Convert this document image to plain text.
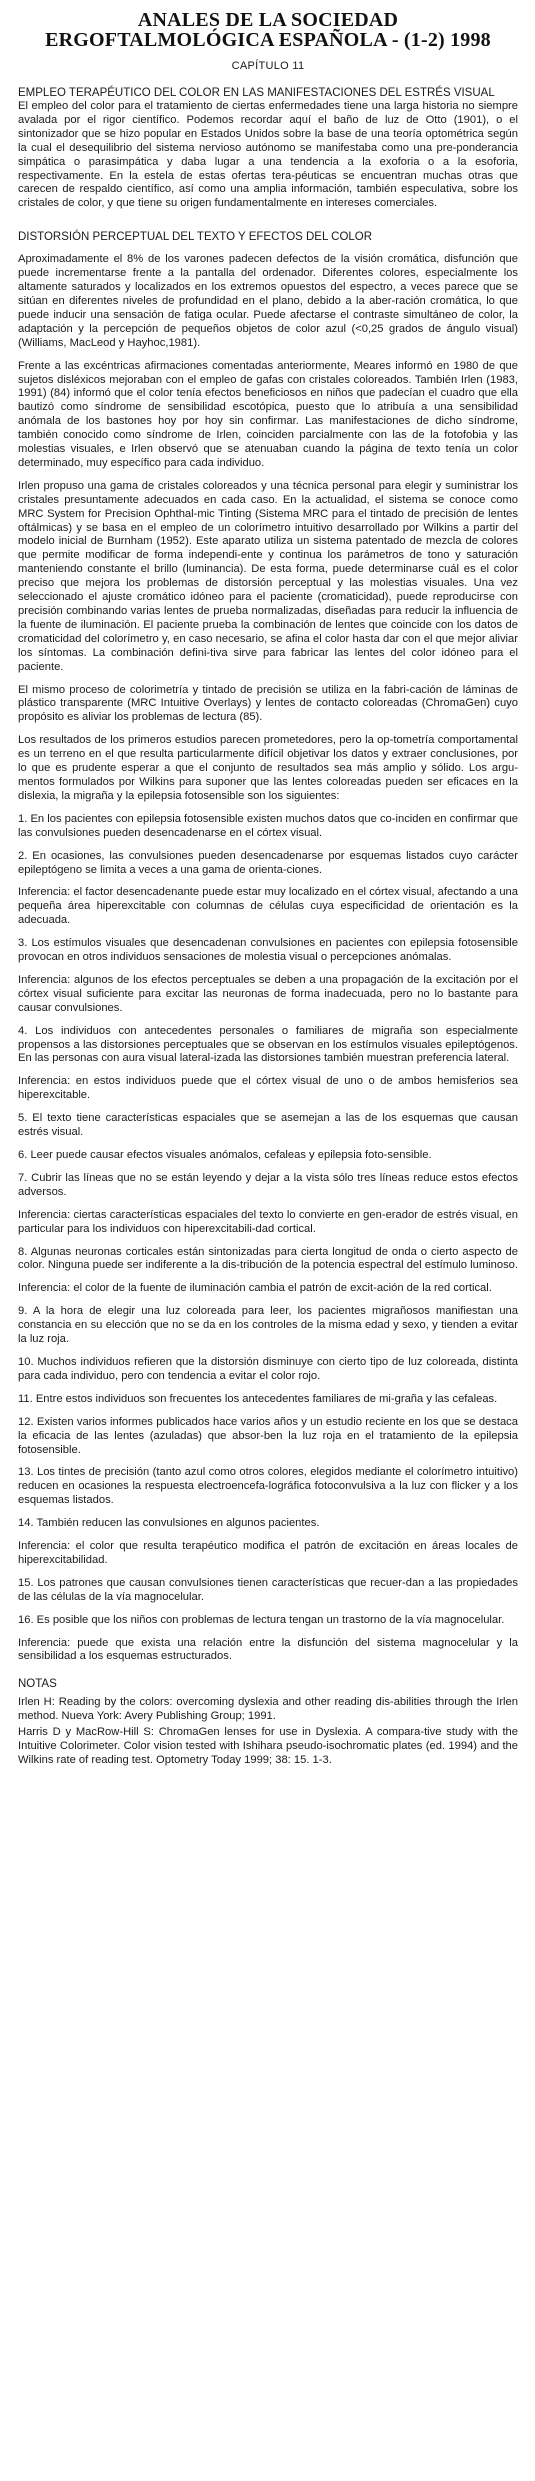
ANALES DE LA SOCIEDAD
ERGOFTALMOLÓGICA ESPAÑOLA - (1-2) 1998
CAPÍTULO 11
EMPLEO TERAPÉUTICO DEL COLOR EN LAS MANIFESTACIONES DEL ESTRÉS VISUAL

El empleo del color para el tratamiento de ciertas enfermedades tiene una larga historia no siempre avalada por el rigor científico. Podemos recordar aquí el baño de luz de Otto (1901), o el sintonizador que se hizo popular en Estados Unidos sobre la base de una teoría optométrica según la cual el desequilibrio del sistema nervioso autónomo se manifestaba como una pre-ponderancia simpática o parasimpática y daba lugar a una tendencia a la exoforia o a la esoforia, respectivamente. En la estela de estas ofertas tera-péuticas se encuentran muchas otras que carecen de respaldo científico, así como una amplia información, también especulativa, sobre los cristales de color, y que tiene su origen fundamentalmente en intereses comerciales.

DISTORSIÓN PERCEPTUAL DEL TEXTO Y EFECTOS DEL COLOR

Aproximadamente el 8% de los varones padecen defectos de la visión cromática, disfunción que puede incrementarse frente a la pantalla del ordenador. Diferentes colores, especialmente los altamente saturados y localizados en los extremos opuestos del espectro, a veces parece que se sitúan en diferentes niveles de profundidad en el plano, debido a la aber-ración cromática, lo que puede inducir una sensación de fatiga ocular. Puede afectarse el contraste simultáneo de color, la adaptación y la percepción de pequeños objetos de color azul (<0,25 grados de ángulo visual) (Williams, MacLeod y Hayhoc,1981).

Frente a las excéntricas afirmaciones comentadas anteriormente, Meares informó en 1980 de que sujetos disléxicos mejoraban con el empleo de gafas con cristales coloreados. También Irlen (1983, 1991) (84) informó que el color tenía efectos beneficiosos en niños que padecían el cuadro que ella bautizó como síndrome de sensibilidad escotópica, puesto que lo atribuía a una sensibilidad anómala de los bastones hoy por hoy sin confirmar. Las manifestaciones de dicho síndrome, también conocido como síndrome de Irlen, coinciden parcialmente con las de la fotofobia y las molestias visuales, e Irlen observó que se atenuaban cuando la página de texto tenía un color determinado, muy específico para cada individuo.

Irlen propuso una gama de cristales coloreados y una técnica personal para elegir y suministrar los cristales presuntamente adecuados en cada caso. En la actualidad, el sistema se conoce como MRC System for Precision Ophthal-mic Tinting (Sistema MRC para el tintado de precisión de lentes oftálmicas) y se basa en el empleo de un colorímetro intuitivo desarrollado por Wilkins a partir del modelo inicial de Burnham (1952). Este aparato utiliza un sistema patentado de mezcla de colores que permite modificar de forma independi-ente y continua los parámetros de tono y saturación manteniendo constante el brillo (luminancia). De esta forma, puede determinarse cuál es el color preciso que mejora los problemas de distorsión perceptual y las molestias visuales. Una vez seleccionado el ajuste cromático idóneo para el paciente (cromaticidad), puede reproducirse con precisión combinando varias lentes de prueba normalizadas, diseñadas para reducir la influencia de la fuente de iluminación. El paciente prueba la combinación de lentes que coincide con los datos de cromaticidad del colorímetro y, en caso necesario, se afina el color hasta dar con el que mejor aliviar los síntomas. La combinación defini-tiva sirve para fabricar las lentes del color idóneo para el paciente.

El mismo proceso de colorimetría y tintado de precisión se utiliza en la fabri-cación de láminas de plástico transparente (MRC Intuitive Overlays) y lentes de contacto coloreadas (ChromaGen) cuyo propósito es aliviar los problemas de lectura (85).

Los resultados de los primeros estudios parecen prometedores, pero la op-tometría comportamental es un terreno en el que resulta particularmente difícil objetivar los datos y extraer conclusiones, por lo que es prudente esperar a que el conjunto de resultados sea más amplio y sólido. Los argu-mentos formulados por Wilkins para suponer que las lentes coloreadas pueden ser eficaces en la dislexia, la migraña y la epilepsia fotosensible son los siguientes:

1. En los pacientes con epilepsia fotosensible existen muchos datos que co-inciden en confirmar que las convulsiones pueden desencadenarse en el córtex visual.

2. En ocasiones, las convulsiones pueden desencadenarse por esquemas listados cuyo carácter epileptógeno se limita a veces a una gama de orienta-ciones.

Inferencia: el factor desencadenante puede estar muy localizado en el córtex visual, afectando a una pequeña área hiperexcitable con columnas de células cuya especificidad de orientación es la adecuada.

3. Los estímulos visuales que desencadenan convulsiones en pacientes con epilepsia fotosensible provocan en otros individuos sensaciones de molestia visual o percepciones anómalas.

Inferencia: algunos de los efectos perceptuales se deben a una propagación de la excitación por el córtex visual suficiente para excitar las neuronas de forma inadecuada, pero no lo bastante para causar convulsiones.

4. Los individuos con antecedentes personales o familiares de migraña son especialmente propensos a las distorsiones perceptuales que se observan en los estímulos visuales epileptógenos. En las personas con aura visual lateral-izada las distorsiones también muestran preferencia lateral.

Inferencia: en estos individuos puede que el córtex visual de uno o de ambos hemisferios sea hiperexcitable.

5. El texto tiene características espaciales que se asemejan a las de los esquemas que causan estrés visual.

6. Leer puede causar efectos visuales anómalos, cefaleas y epilepsia foto-sensible.

7. Cubrir las líneas que no se están leyendo y dejar a la vista sólo tres líneas reduce estos efectos adversos.

Inferencia: ciertas características espaciales del texto lo convierte en gen-erador de estrés visual, en particular para los individuos con hiperexcitabili-dad cortical.

8. Algunas neuronas corticales están sintonizadas para cierta longitud de onda o cierto aspecto de color. Ninguna puede ser indiferente a la dis-tribución de la potencia espectral del estímulo luminoso.

Inferencia: el color de la fuente de iluminación cambia el patrón de excit-ación de la red cortical.

9. A la hora de elegir una luz coloreada para leer, los pacientes migrañosos manifiestan una constancia en su elección que no se da en los controles de la misma edad y sexo, y tienden a evitar la luz roja.

10. Muchos individuos refieren que la distorsión disminuye con cierto tipo de luz coloreada, distinta para cada individuo, pero con tendencia a evitar el color rojo.

11. Entre estos individuos son frecuentes los antecedentes familiares de mi-graña y las cefaleas.

12. Existen varios informes publicados hace varios años y un estudio reciente en los que se destaca la eficacia de las lentes (azuladas) que absor-ben la luz roja en el tratamiento de la epilepsia fotosensible.

13. Los tintes de precisión (tanto azul como otros colores, elegidos mediante el colorímetro intuitivo) reducen en ocasiones la respuesta electroencefa-lográfica fotoconvulsiva a la luz con flicker y a los esquemas listados.

14. También reducen las convulsiones en algunos pacientes.

Inferencia: el color que resulta terapéutico modifica el patrón de excitación en áreas locales de hiperexcitabilidad.

15. Los patrones que causan convulsiones tienen características que recuer-dan a las propiedades de las células de la vía magnocelular.

16. Es posible que los niños con problemas de lectura tengan un trastorno de la vía magnocelular.

Inferencia: puede que exista una relación entre la disfunción del sistema magnocelular y la sensibilidad a los esquemas estructurados.

NOTAS

Irlen H: Reading by the colors: overcoming dyslexia and other reading dis-abilities through the Irlen method. Nueva York: Avery Publishing Group; 1991.

Harris D y MacRow-Hill S: ChromaGen lenses for use in Dyslexia. A compara-tive study with the Intuitive Colorimeter. Color vision tested with Ishihara pseudo-isochromatic plates (ed. 1994) and the Wilkins rate of reading test. Optometry Today 1999; 38: 15. 1-3.
